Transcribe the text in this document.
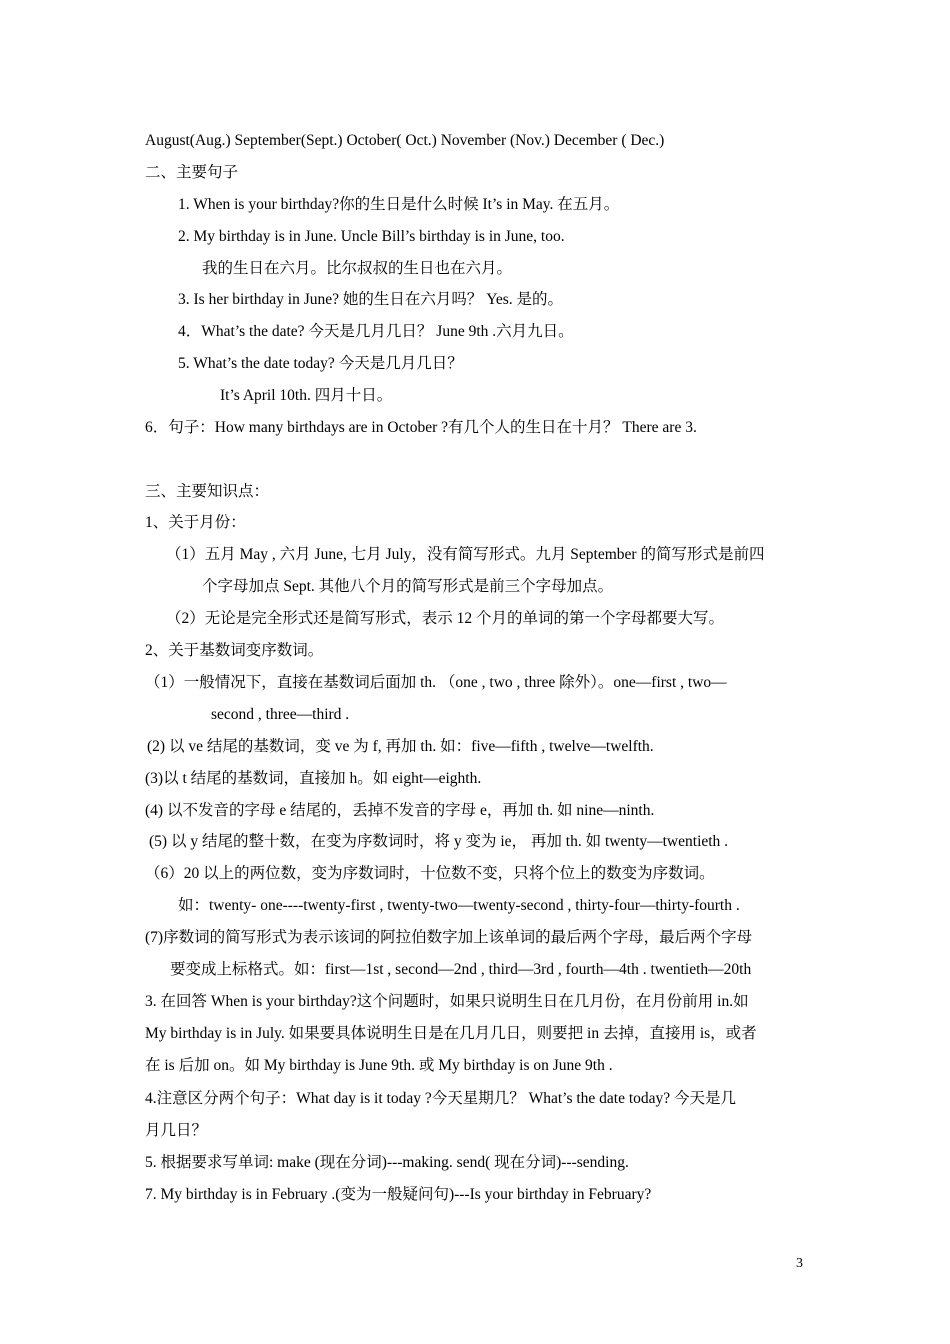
August(Aug.) September(Sept.) October( Oct.) November (Nov.) December ( Dec.)
二、主要句子
1. When is your birthday?你的生日是什么时候 It’s in May. 在五月。
2. My birthday is in June. Uncle Bill’s birthday is in June, too.
我的生日在六月。比尔叔叔的生日也在六月。
3. Is her birthday in June? 她的生日在六月吗？ Yes. 是的。
4．What’s the date? 今天是几月几日？ June 9th .六月九日。
5. What’s the date today? 今天是几月几日？
It’s April 10th. 四月十日。
6．句子：How many birthdays are in October ?有几个人的生日在十月？ There are 3.
三、主要知识点：
1、关于月份：
（1）五月 May , 六月 June, 七月 July，没有简写形式。九月 September 的简写形式是前四
个字母加点 Sept. 其他八个月的简写形式是前三个字母加点。
（2）无论是完全形式还是简写形式，表示 12 个月的单词的第一个字母都要大写。
2、关于基数词变序数词。
（1）一般情况下，直接在基数词后面加 th. （one , two , three 除外）。one—first , two—
second , three—third .
(2) 以 ve 结尾的基数词，变 ve 为 f, 再加 th. 如：five—fifth , twelve—twelfth.
(3)以 t 结尾的基数词，直接加 h。如 eight—eighth.
(4) 以不发音的字母 e 结尾的，丢掉不发音的字母 e，再加 th. 如 nine—ninth.
(5) 以 y 结尾的整十数，在变为序数词时，将 y 变为 ie， 再加 th. 如 twenty—twentieth .
（6）20 以上的两位数，变为序数词时，十位数不变，只将个位上的数变为序数词。
如：twenty- one----twenty-first , twenty-two—twenty-second , thirty-four—thirty-fourth .
(7)序数词的简写形式为表示该词的阿拉伯数字加上该单词的最后两个字母，最后两个字母
要变成上标格式。如：first—1st , second—2nd , third—3rd , fourth—4th . twentieth—20th
3. 在回答 When is your birthday?这个问题时，如果只说明生日在几月份，在月份前用 in.如
My birthday is in July. 如果要具体说明生日是在几月几日，则要把 in 去掉，直接用 is，或者
在 is 后加 on。如 My birthday is June 9th. 或 My birthday is on June 9th .
4.注意区分两个句子：What day is it today ?今天星期几？ What’s the date today? 今天是几
月几日？
5. 根据要求写单词: make (现在分词)---making. send( 现在分词)---sending.
7. My birthday is in February .(变为一般疑问句)---Is your birthday in February?
3
